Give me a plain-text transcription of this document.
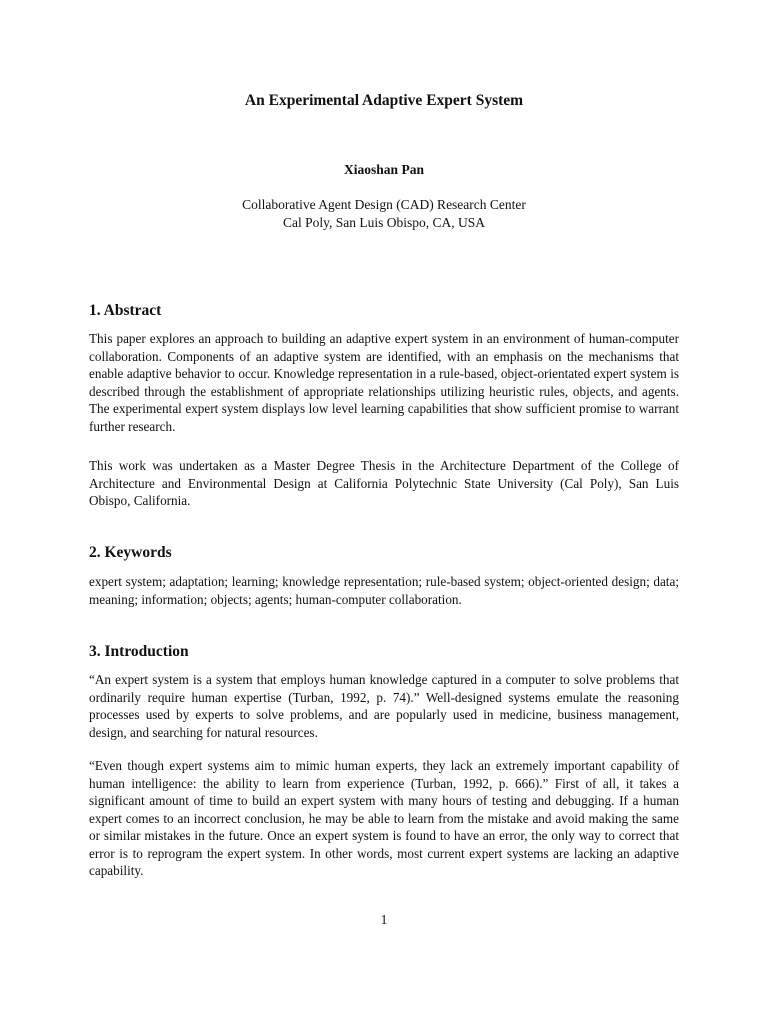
An Experimental Adaptive Expert System
Xiaoshan Pan
Collaborative Agent Design (CAD) Research Center
Cal Poly, San Luis Obispo, CA, USA
1. Abstract
This paper explores an approach to building an adaptive expert system in an environment of human-computer collaboration. Components of an adaptive system are identified, with an emphasis on the mechanisms that enable adaptive behavior to occur. Knowledge representation in a rule-based, object-orientated expert system is described through the establishment of appropriate relationships utilizing heuristic rules, objects, and agents. The experimental expert system displays low level learning capabilities that show sufficient promise to warrant further research.
This work was undertaken as a Master Degree Thesis in the Architecture Department of the College of Architecture and Environmental Design at California Polytechnic State University (Cal Poly), San Luis Obispo, California.
2. Keywords
expert system; adaptation; learning; knowledge representation; rule-based system; object-oriented design; data; meaning; information; objects; agents; human-computer collaboration.
3. Introduction
“An expert system is a system that employs human knowledge captured in a computer to solve problems that ordinarily require human expertise (Turban, 1992, p. 74).” Well-designed systems emulate the reasoning processes used by experts to solve problems, and are popularly used in medicine, business management, design, and searching for natural resources.
“Even though expert systems aim to mimic human experts, they lack an extremely important capability of human intelligence: the ability to learn from experience (Turban, 1992, p. 666).” First of all, it takes a significant amount of time to build an expert system with many hours of testing and debugging. If a human expert comes to an incorrect conclusion, he may be able to learn from the mistake and avoid making the same or similar mistakes in the future. Once an expert system is found to have an error, the only way to correct that error is to reprogram the expert system. In other words, most current expert systems are lacking an adaptive capability.
1
